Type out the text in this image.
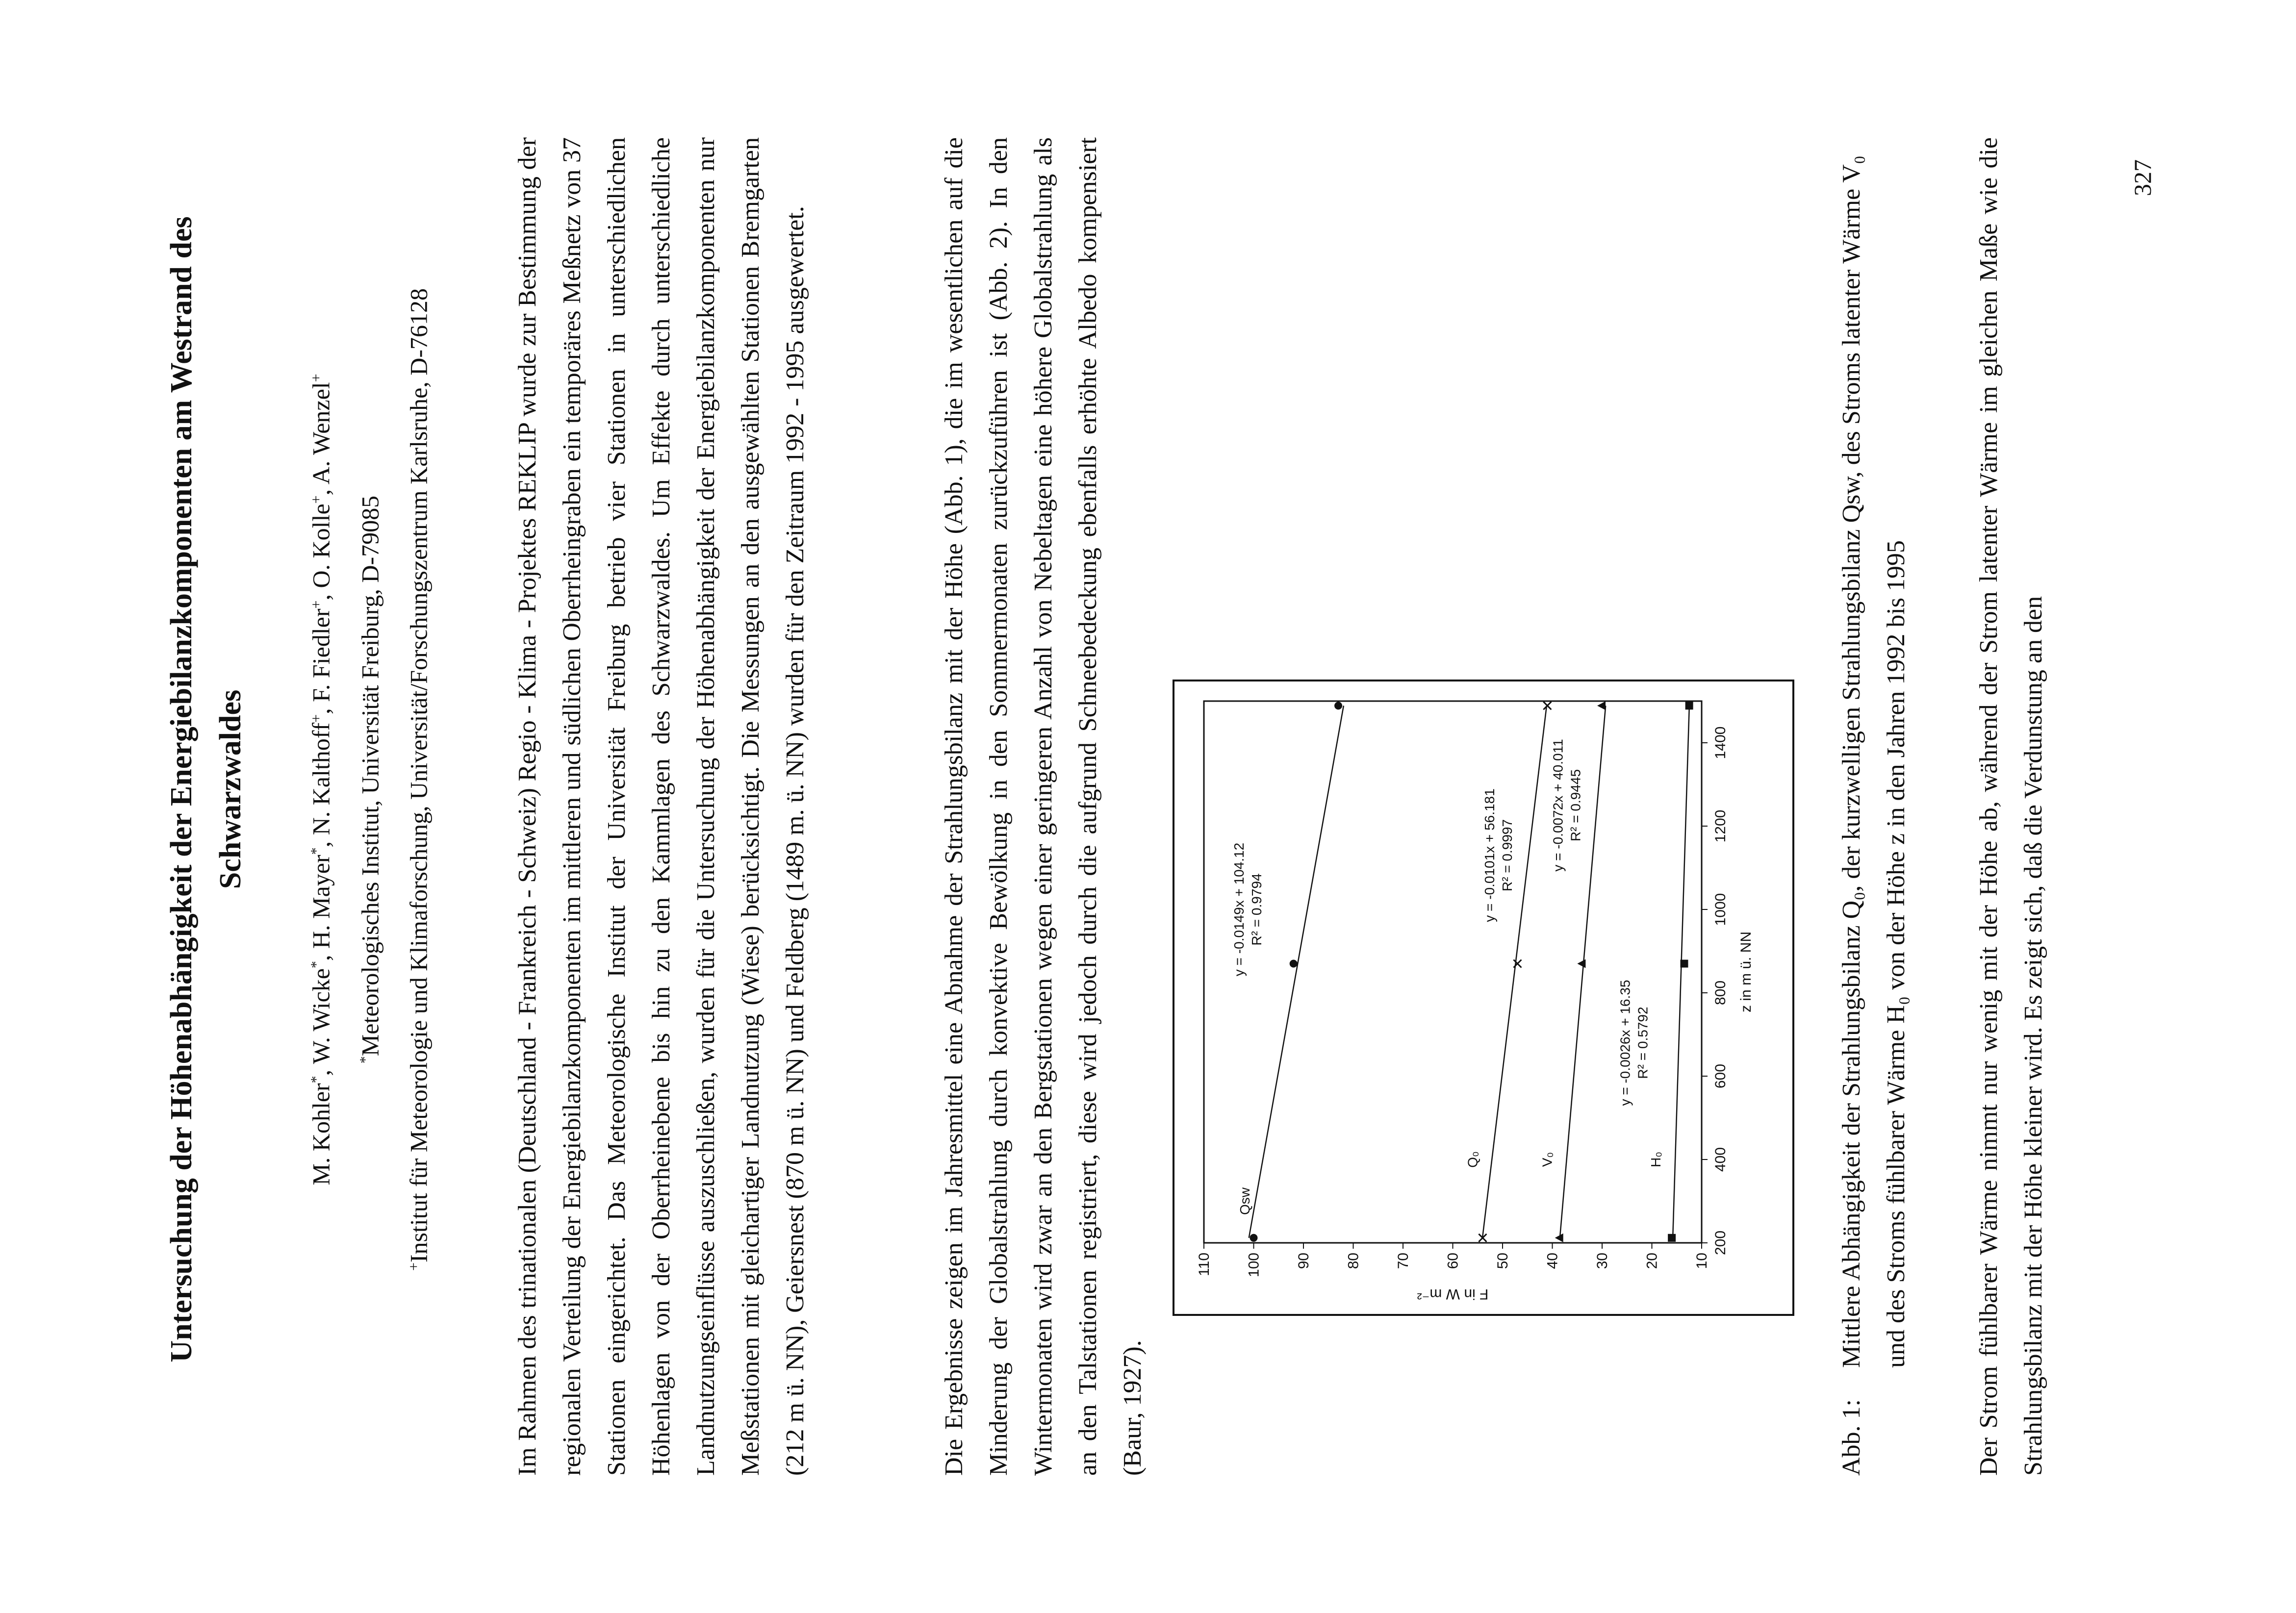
Untersuchung der Höhenabhängigkeit der Energiebilanzkomponenten am Westrand des Schwarzwaldes
M. Kohler*, W. Wicke*, H. Mayer*, N. Kalthoff+, F. Fiedler+, O. Kolle+, A. Wenzel+
*Meteorologisches Institut, Universität Freiburg, D-79085
+Institut für Meteorologie und Klimaforschung, Universität/Forschungszentrum Karlsruhe, D-76128	Im Rahmen des trinationalen (Deutschland - Frankreich - Schweiz) Regio - Klima - Projektes REKLIP wurde zur Bestimmung der regionalen Verteilung der Energiebilanzkomponenten im mittleren und südlichen Oberrheingraben ein temporäres Meßnetz von 37 Stationen eingerichtet. Das Meteorologische Institut der Universität Freiburg betrieb vier Stationen in unterschiedlichen Höhenlagen von der Oberrheinebene bis hin zu den Kammlagen des Schwarzwaldes. Um Effekte durch unterschiedliche Landnutzungseinflüsse auszuschließen, wurden für die Untersuchung der Höhenabhängigkeit der Energiebilanzkomponenten nur Meßstationen mit gleichartiger Landnutzung (Wiese) berücksichtigt. Die Messungen an den ausgewählten Stationen Bremgarten (212 m ü. NN), Geiersnest (870 m ü. NN) und Feldberg (1489 m. ü. NN) wurden für den Zeitraum 1992 - 1995 ausgewertet.	Die Ergebnisse zeigen im Jahresmittel eine Abnahme der Strahlungsbilanz mit der Höhe (Abb. 1), die im wesentlichen auf die Minderung der Globalstrahlung durch konvektive Bewölkung in den Sommermonaten zurückzuführen ist (Abb. 2). In den Wintermonaten wird zwar an den Bergstationen wegen einer geringeren Anzahl von Nebeltagen eine höhere Globalstrahlung als an den Talstationen registriert, diese wird jedoch durch die aufgrund Schneebedeckung ebenfalls erhöhte Albedo kompensiert (Baur, 1927).
10
20
30
40
50
60
70
80
90
100
110
200
400
600
800
1000
1200
1400
z in m ü. NN
F in W m⁻²
Qsw
y = -0.0149x + 104.12 R² = 0.9794
Q₀
y = -0.0101x + 56.181 R² = 0.9997
V₀
y = -0.0072x + 40.011 R² = 0.9445
H₀
y = -0.0026x + 16.35 R² = 0.5792
Abb. 1:
Mittlere Abhängigkeit der Strahlungsbilanz Q₀, der kurzwelligen Strahlungsbilanz Qsw, des Stroms latenter Wärme V₀ und des Stroms fühlbarer Wärme H₀ von der Höhe z in den Jahren 1992 bis 1995	Der Strom fühlbarer Wärme nimmt nur wenig mit der Höhe ab, während der Strom latenter Wärme im gleichen Maße wie die Strahlungsbilanz mit der Höhe kleiner wird. Es zeigt sich, daß die Verdunstung an den
327
